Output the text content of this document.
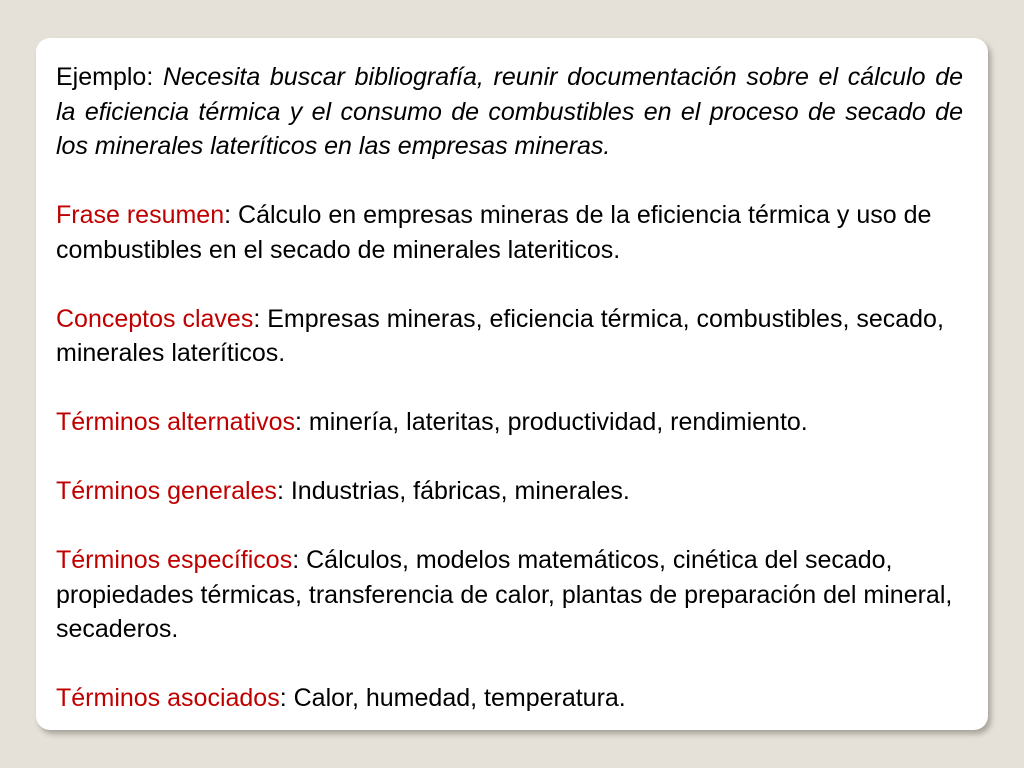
Ejemplo: Necesita buscar bibliografía, reunir documentación sobre el cálculo de la eficiencia térmica y el consumo de combustibles en el proceso de secado de los minerales lateríticos en las empresas mineras.

Frase resumen: Cálculo en empresas mineras de la eficiencia térmica y uso de combustibles en el secado de minerales lateriticos.

Conceptos claves: Empresas mineras, eficiencia térmica, combustibles, secado, minerales lateríticos.

Términos alternativos: minería, lateritas, productividad, rendimiento.

Términos generales: Industrias, fábricas, minerales.

Términos específicos: Cálculos, modelos matemáticos, cinética del secado, propiedades térmicas, transferencia de calor, plantas de preparación del mineral, secaderos.

Términos asociados: Calor, humedad, temperatura.
